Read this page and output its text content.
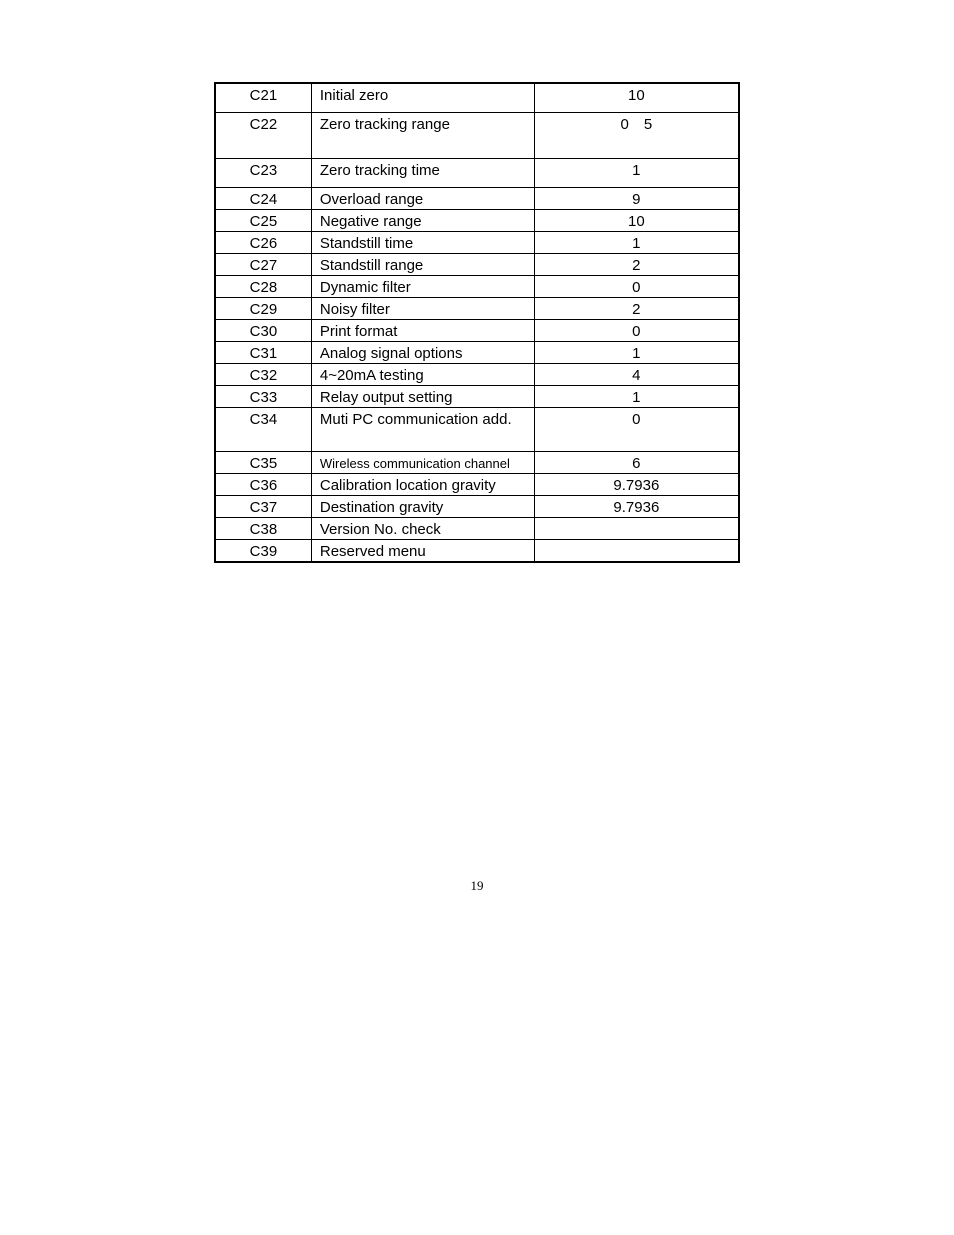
C21	Initial zero	10
C22	Zero tracking range	0　5
C23	Zero tracking time	1
C24	Overload range	9
C25	Negative range	10
C26	Standstill time	1
C27	Standstill range	2
C28	Dynamic filter	0
C29	Noisy filter	2
C30	Print format	0
C31	Analog signal options	1
C32	4~20mA testing	4
C33	Relay output setting	1
C34	Muti PC communication add.	0
C35	Wireless communication channel	6
C36	Calibration location gravity	9.7936
C37	Destination gravity	9.7936
C38	Version No. check	
C39	Reserved menu	
19
